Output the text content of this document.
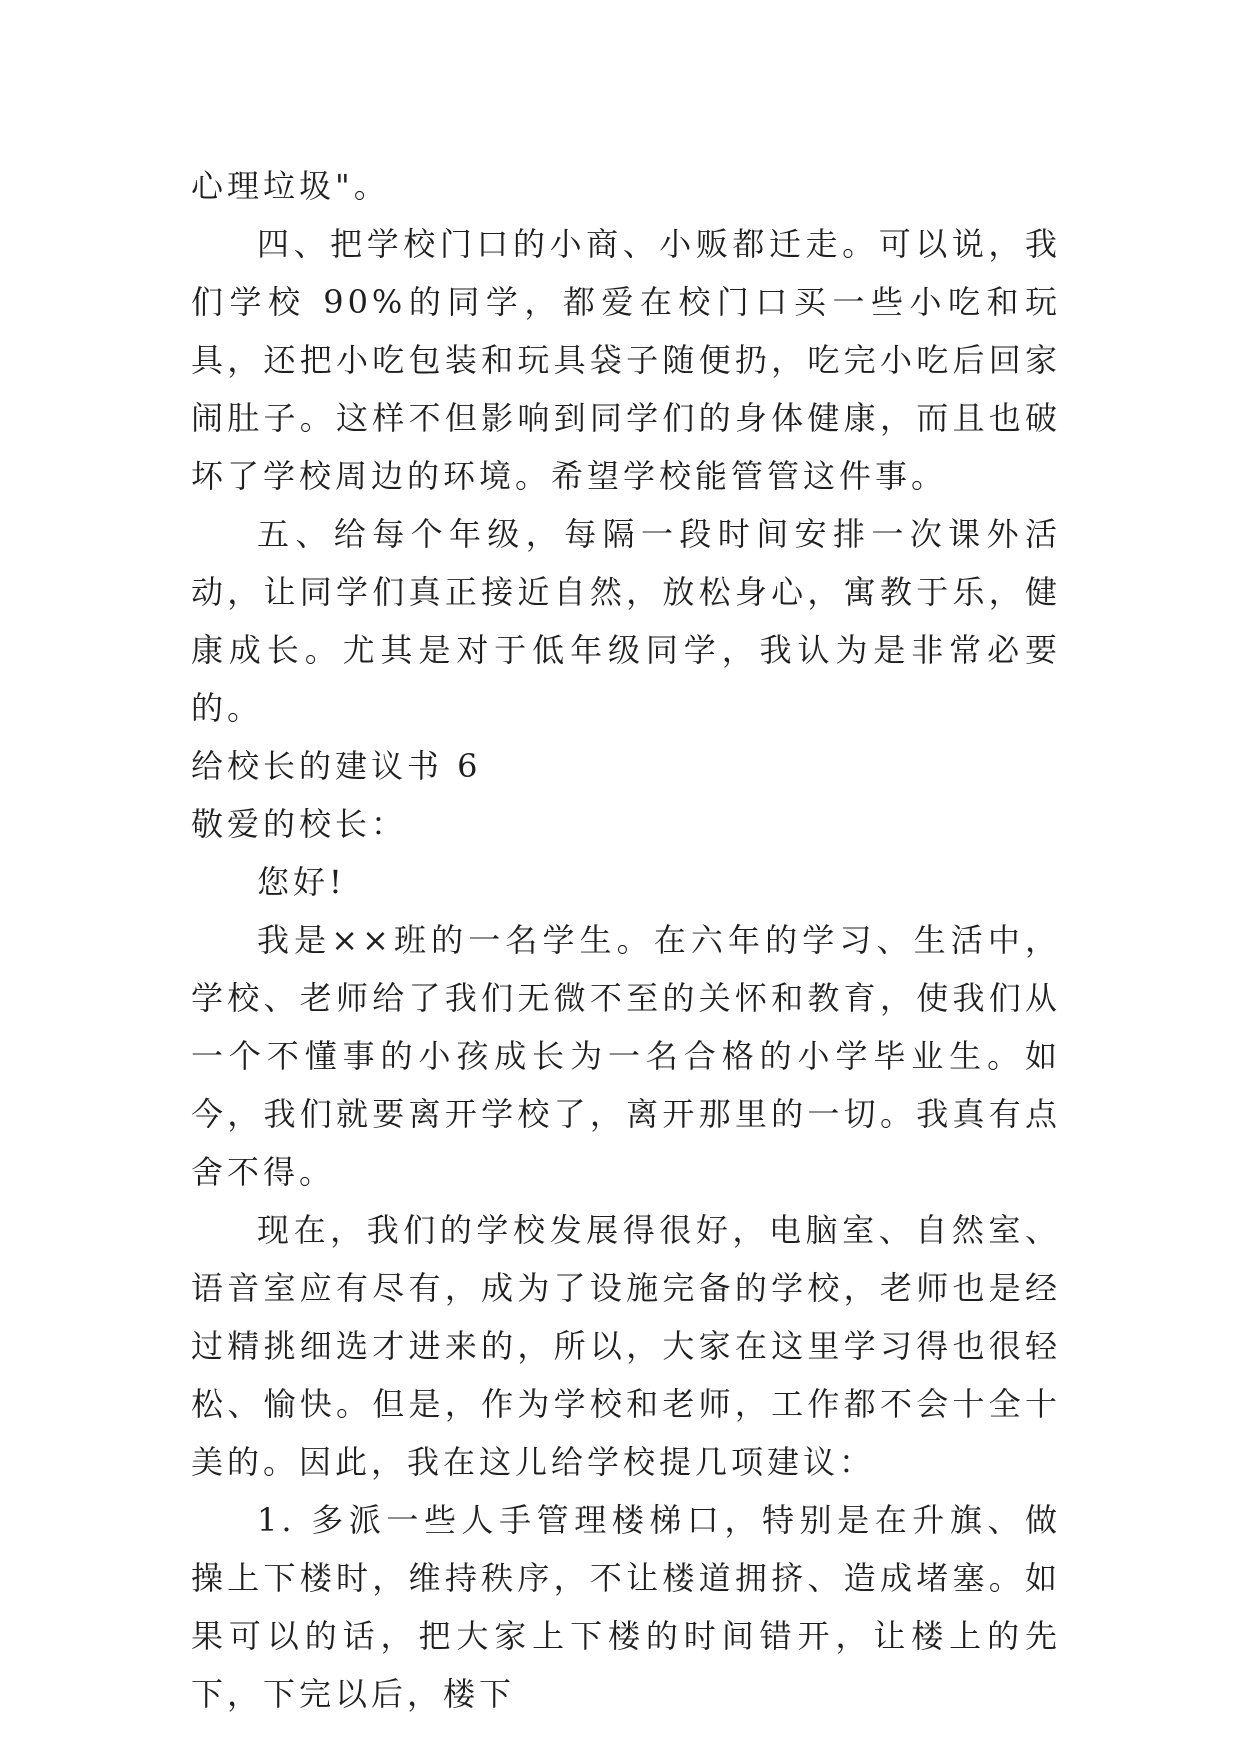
心理垃圾"。

四、把学校门口的小商、小贩都迁走。可以说，我们学校 90%的同学，都爱在校门口买一些小吃和玩具，还把小吃包装和玩具袋子随便扔，吃完小吃后回家闹肚子。这样不但影响到同学们的身体健康，而且也破坏了学校周边的环境。希望学校能管管这件事。

五、给每个年级，每隔一段时间安排一次课外活动，让同学们真正接近自然，放松身心，寓教于乐，健康成长。尤其是对于低年级同学，我认为是非常必要的。

给校长的建议书 6

敬爱的校长：

您好!

我是××班的一名学生。在六年的学习、生活中，学校、老师给了我们无微不至的关怀和教育，使我们从一个不懂事的小孩成长为一名合格的小学毕业生。如今，我们就要离开学校了，离开那里的一切。我真有点舍不得。

现在，我们的学校发展得很好，电脑室、自然室、语音室应有尽有，成为了设施完备的学校，老师也是经过精挑细选才进来的，所以，大家在这里学习得也很轻松、愉快。但是，作为学校和老师，工作都不会十全十美的。因此，我在这儿给学校提几项建议：

1. 多派一些人手管理楼梯口，特别是在升旗、做操上下楼时，维持秩序，不让楼道拥挤、造成堵塞。如果可以的话，把大家上下楼的时间错开，让楼上的先下，下完以后，楼下
